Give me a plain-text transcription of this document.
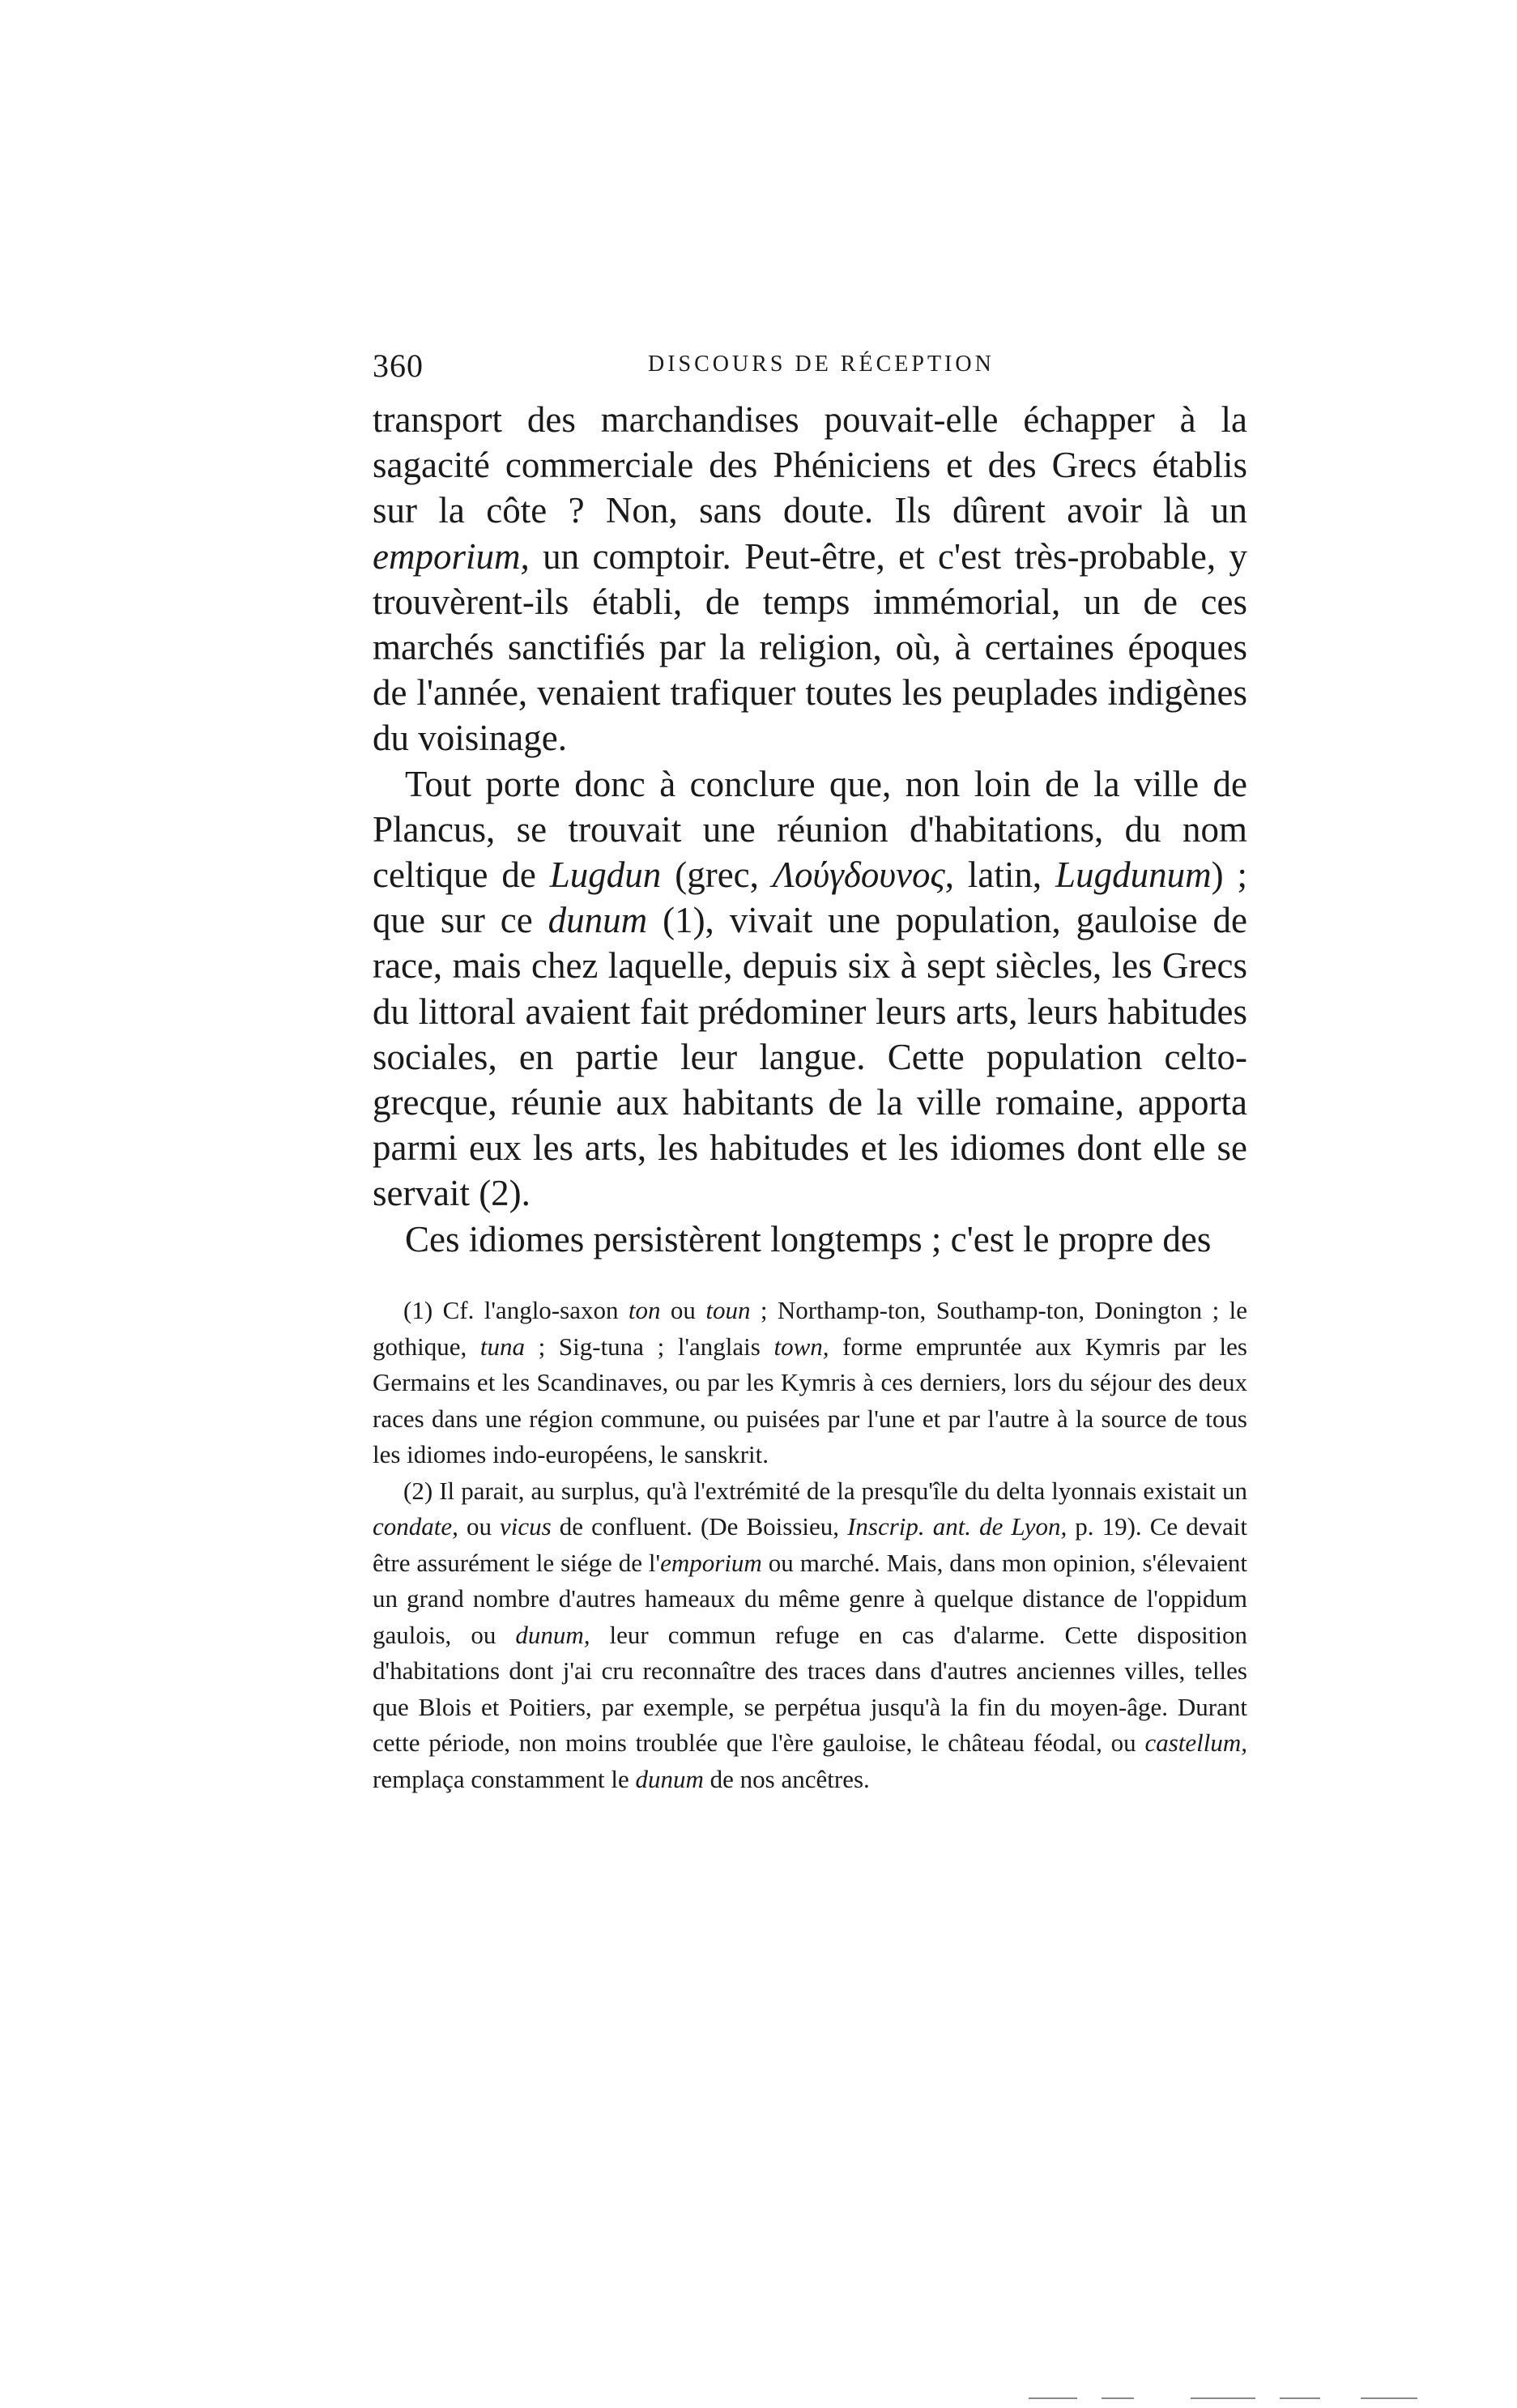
360	DISCOURS DE RÉCEPTION

transport des marchandises pouvait-elle échapper à la sagacité commerciale des Phéniciens et des Grecs établis sur la côte ? Non, sans doute. Ils dûrent avoir là un emporium, un comptoir. Peut-être, et c'est très-probable, y trouvèrent-ils établi, de temps immémorial, un de ces marchés sanctifiés par la religion, où, à certaines époques de l'année, venaient trafiquer toutes les peuplades indigènes du voisinage.

Tout porte donc à conclure que, non loin de la ville de Plancus, se trouvait une réunion d'habitations, du nom celtique de Lugdun (grec, Λούγδουνος, latin, Lugdunum) ; que sur ce dunum (1), vivait une population, gauloise de race, mais chez laquelle, depuis six à sept siècles, les Grecs du littoral avaient fait prédominer leurs arts, leurs habitudes sociales, en partie leur langue. Cette population celto-grecque, réunie aux habitants de la ville romaine, apporta parmi eux les arts, les habitudes et les idiomes dont elle se servait (2).

Ces idiomes persistèrent longtemps ; c'est le propre des

(1) Cf. l'anglo-saxon ton ou toun ; Northamp-ton, Southamp-ton, Donington ; le gothique, tuna ; Sig-tuna ; l'anglais town, forme empruntée aux Kymris par les Germains et les Scandinaves, ou par les Kymris à ces derniers, lors du séjour des deux races dans une région commune, ou puisées par l'une et par l'autre à la source de tous les idiomes indo-européens, le sanskrit.

(2) Il parait, au surplus, qu'à l'extrémité de la presqu'île du delta lyonnais existait un condate, ou vicus de confluent. (De Boissieu, Inscrip. ant. de Lyon, p. 19). Ce devait être assurément le siége de l'emporium ou marché. Mais, dans mon opinion, s'élevaient un grand nombre d'autres hameaux du même genre à quelque distance de l'oppidum gaulois, ou dunum, leur commun refuge en cas d'alarme. Cette disposition d'habitations dont j'ai cru reconnaître des traces dans d'autres anciennes villes, telles que Blois et Poitiers, par exemple, se perpétua jusqu'à la fin du moyen-âge. Durant cette période, non moins troublée que l'ère gauloise, le château féodal, ou castellum, remplaça constamment le dunum de nos ancêtres.
